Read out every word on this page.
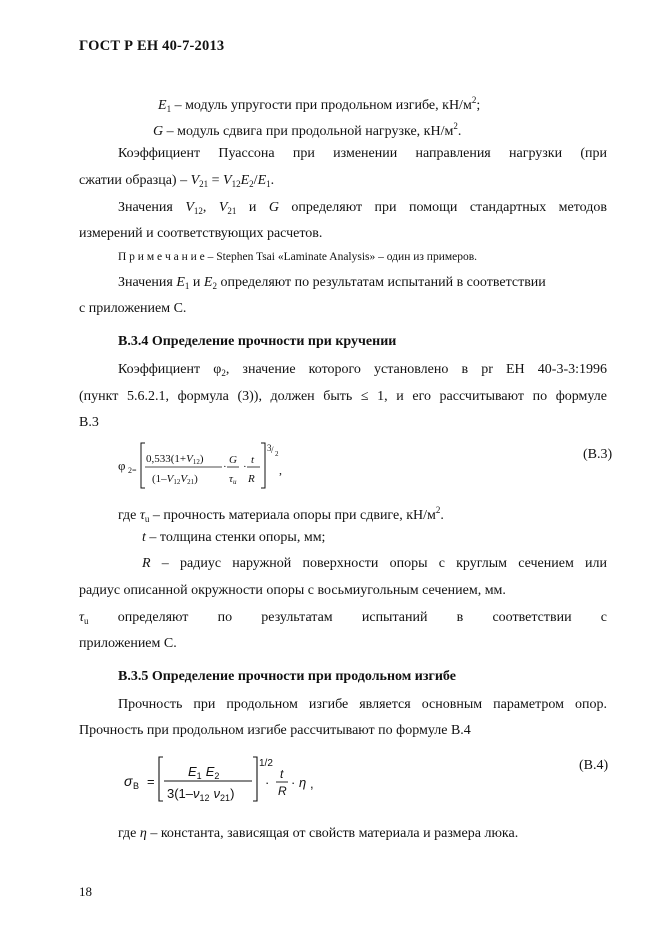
ГОСТ Р ЕН 40-7-2013
$E_1$ – модуль упругости при продольном изгибе, $кН/м^2$;
G – модуль сдвига при продольной нагрузке, $кН/м^2$.
Коэффициент Пуассона при изменении направления нагрузки (при
сжатии образца) – $V_{21} = V_{12}E_2/E_1$.
Значения $V_{12}$, $V_{21}$ и G определяют при помощи стандартных методов
измерений и соответствующих расчетов.
П р и м е ч а н и е – Stephen Tsai «Laminate Analysis» – один из примеров.
Значения $E_1$ и $E_2$ определяют по результатам испытаний в соответствии
с приложением С.
В.3.4 Определение прочности при кручении
Коэффициент $\varphi_2$, значение которого установлено в pr ЕН 40-3-3:1996
(пункт 5.6.2.1, формула (3)), должен быть ≤ 1, и его рассчитывают по формуле
В.3
φ 2=
0,533(1+V12)
(1–V12V21)
·
G
τu
·
t
R
3 / 2
,
(В.3)
где $\tau_u$ – прочность материала опоры при сдвиге, $кН/м^2$.
t – толщина стенки опоры, мм;
R – радиус наружной поверхности опоры с круглым сечением или
радиус описанной окружности опоры с восьмиугольным сечением, мм.
$\tau_u$ определяют по результатам испытаний в соответствии с
приложением С.
В.3.5 Определение прочности при продольном изгибе
Прочность при продольном изгибе является основным параметром опор.
Прочность при продольном изгибе рассчитывают по формуле В.4
σ B =
$E_1$ $E_2$
$3(1-\nu_{12}$ $\nu_{21}$)
1/2
·
t
R
· η ,
(В.4)
где η – константа, зависящая от свойств материала и размера люка.
18
